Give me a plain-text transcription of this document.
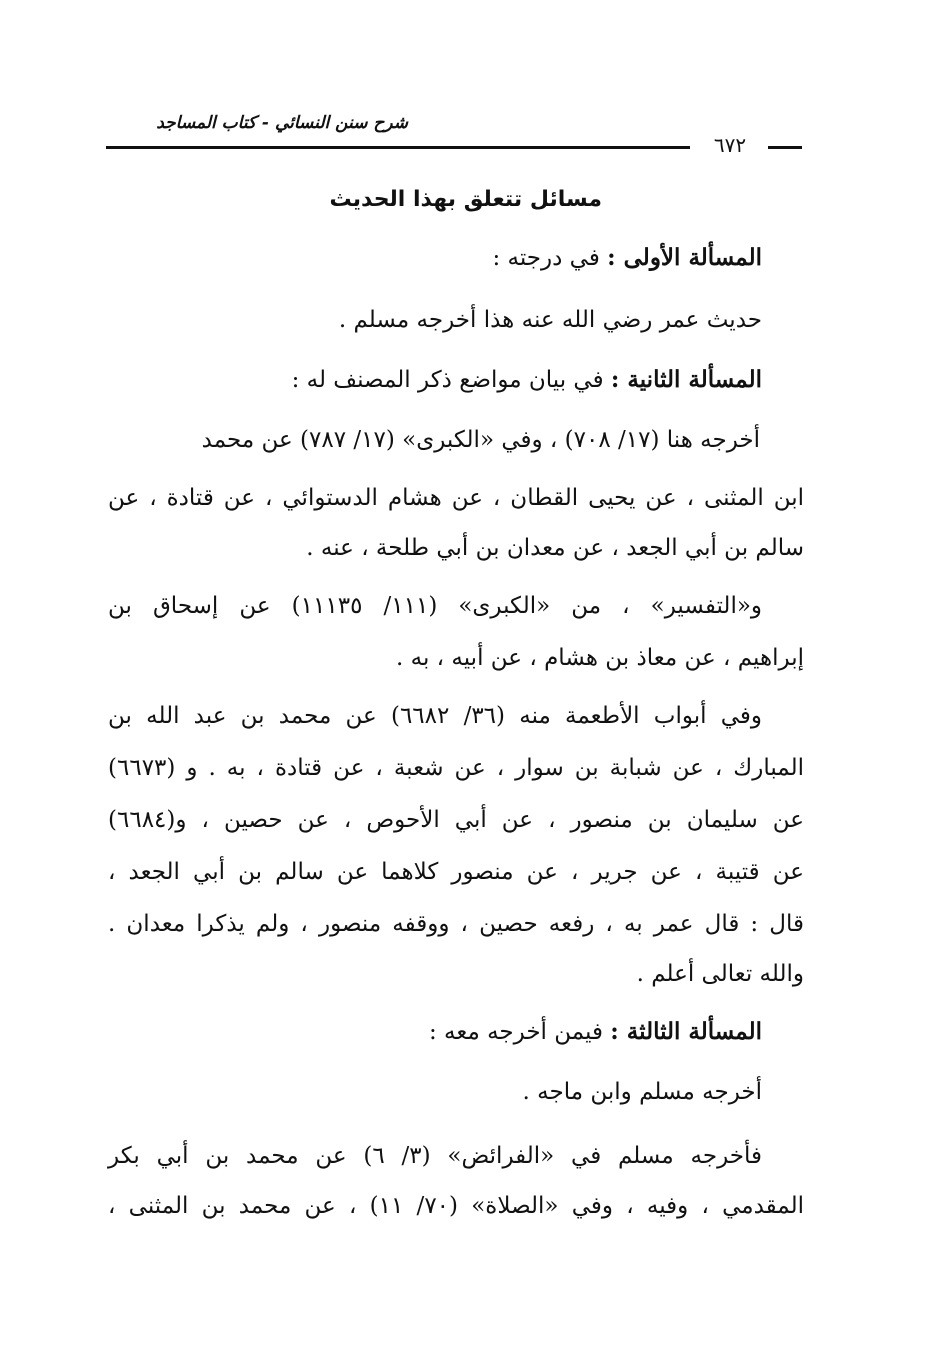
شرح سنن النسائي - كتاب المساجد
٦٧٢
مسائل تتعلق بهذا الحديث
المسألة الأولى : في درجته :
حديث عمر رضي الله عنه هذا أخرجه مسلم .
المسألة الثانية : في بيان مواضع ذكر المصنف له :
أخرجه هنا (١٧/ ٧٠٨) ، وفي «الكبرى» (١٧/ ٧٨٧) عن محمد
ابن المثنى ، عن يحيى القطان ، عن هشام الدستوائي ، عن قتادة ، عن
سالم بن أبي الجعد ، عن معدان بن أبي طلحة ، عنه .
و«التفسير» ، من «الكبرى» (١١١/ ١١١٣٥) عن إسحاق بن
إبراهيم ، عن معاذ بن هشام ، عن أبيه ، به .
وفي أبواب الأطعمة منه (٣٦/ ٦٦٨٢) عن محمد بن عبد الله بن
المبارك ، عن شبابة بن سوار ، عن شعبة ، عن قتادة ، به . و (٦٦٧٣)
عن سليمان بن منصور ، عن أبي الأحوص ، عن حصين ، و(٦٦٨٤)
عن قتيبة ، عن جرير ، عن منصور كلاهما عن سالم بن أبي الجعد ،
قال : قال عمر به ، رفعه حصين ، ووقفه منصور ، ولم يذكرا معدان .
والله تعالى أعلم .
المسألة الثالثة : فيمن أخرجه معه :
أخرجه مسلم وابن ماجه .
فأخرجه مسلم في «الفرائض» (٣/ ٦) عن محمد بن أبي بكر
المقدمي ، وفيه ، وفي «الصلاة» (٧٠/ ١١) ، عن محمد بن المثنى ،
